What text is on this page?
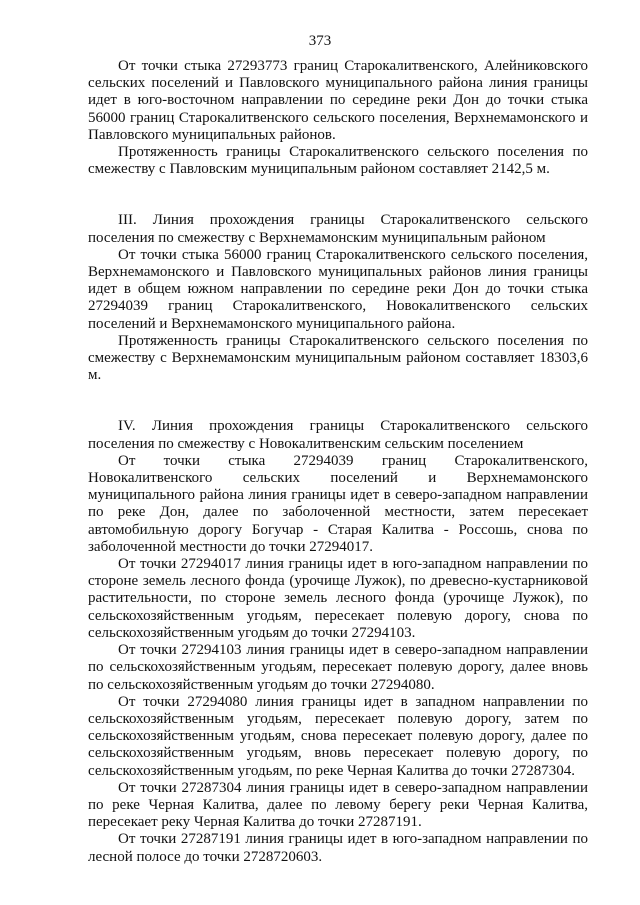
373

От точки стыка 27293773 границ Старокалитвенского, Алейниковского сельских поселений и Павловского муниципального района линия границы идет в юго-восточном направлении по середине реки Дон до точки стыка 56000 границ Старокалитвенского сельского поселения, Верхнемамонского и Павловского муниципальных районов.

Протяженность границы Старокалитвенского сельского поселения по смежеству с Павловским муниципальным районом составляет 2142,5 м.

III. Линия прохождения границы Старокалитвенского сельского поселения по смежеству с Верхнемамонским муниципальным районом

От точки стыка 56000 границ Старокалитвенского сельского поселения, Верхнемамонского и Павловского муниципальных районов линия границы идет в общем южном направлении по середине реки Дон до точки стыка 27294039 границ Старокалитвенского, Новокалитвенского сельских поселений и Верхнемамонского муниципального района.

Протяженность границы Старокалитвенского сельского поселения по смежеству с Верхнемамонским муниципальным районом составляет 18303,6 м.

IV. Линия прохождения границы Старокалитвенского сельского поселения по смежеству с Новокалитвенским сельским поселением

От точки стыка 27294039 границ Старокалитвенского, Новокалитвенского сельских поселений и Верхнемамонского муниципального района линия границы идет в северо-западном направлении по реке Дон, далее по заболоченной местности, затем пересекает автомобильную дорогу Богучар - Старая Калитва - Россошь, снова по заболоченной местности до точки 27294017.

От точки 27294017 линия границы идет в юго-западном направлении по стороне земель лесного фонда (урочище Лужок), по древесно-кустарниковой растительности, по стороне земель лесного фонда (урочище Лужок), по сельскохозяйственным угодьям, пересекает полевую дорогу, снова по сельскохозяйственным угодьям до точки 27294103.

От точки 27294103 линия границы идет в северо-западном направлении по сельскохозяйственным угодьям, пересекает полевую дорогу, далее вновь по сельскохозяйственным угодьям до точки 27294080.

От точки 27294080 линия границы идет в западном направлении по сельскохозяйственным угодьям, пересекает полевую дорогу, затем по сельскохозяйственным угодьям, снова пересекает полевую дорогу, далее по сельскохозяйственным угодьям, вновь пересекает полевую дорогу, по сельскохозяйственным угодьям, по реке Черная Калитва до точки 27287304.

От точки 27287304 линия границы идет в северо-западном направлении по реке Черная Калитва, далее по левому берегу реки Черная Калитва, пересекает реку Черная Калитва до точки 27287191.

От точки 27287191 линия границы идет в юго-западном направлении по лесной полосе до точки 2728720603.
